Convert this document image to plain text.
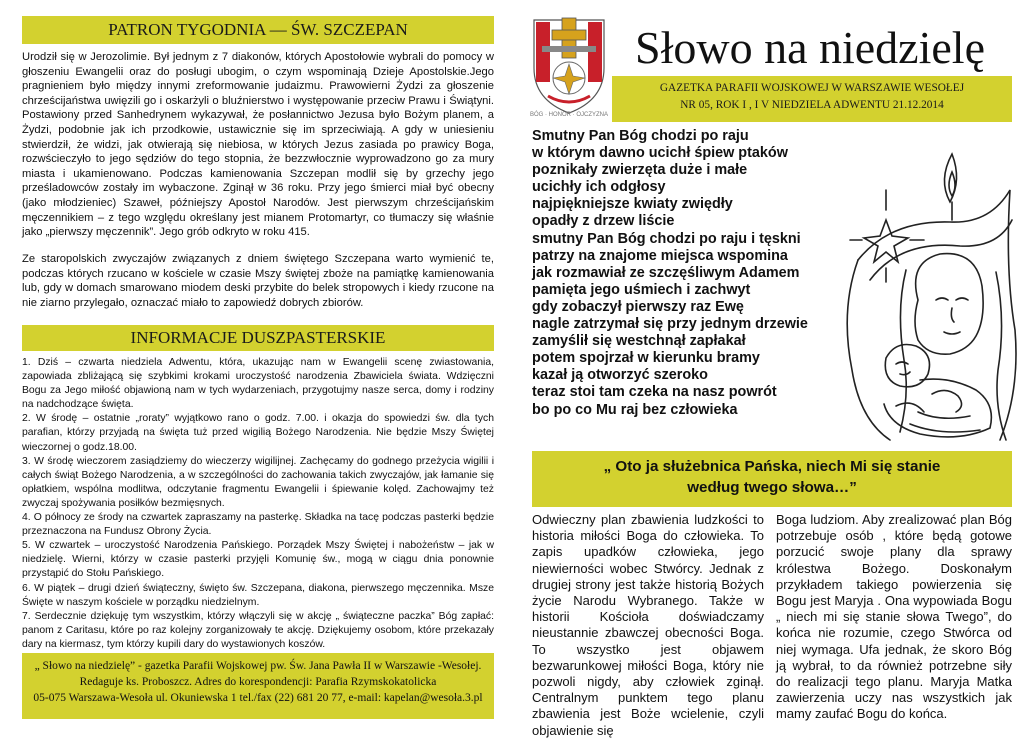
PATRON TYGODNIA — ŚW. SZCZEPAN

Urodził się w Jerozolimie. Był jednym z 7 diakonów, których Apostołowie wybrali do pomocy w głoszeniu Ewangelii oraz do posługi ubogim, o czym wspominają Dzieje Apostolskie.Jego pragnieniem było między innymi zreformowanie judaizmu. Prawowierni Żydzi za głoszenie chrześcijaństwa uwięzili go i oskarżyli o bluźnierstwo i występowanie przeciw Prawu i Świątyni. Postawiony przed Sanhedrynem wykazywał, że posłannictwo Jezusa było Bożym planem, a Żydzi, podobnie jak ich przodkowie, ustawicznie się im sprzeciwiają. A gdy w uniesieniu stwierdził, że widzi, jak otwierają się niebiosa, w których Jezus zasiada po prawicy Boga, rozwścieczyło to jego sędziów do tego stopnia, że bezzwłocznie wyprowadzono go za mury miasta i ukamienowano. Podczas kamienowania Szczepan modlił się by grzechy jego prześladowców zostały im wybaczone. Zginął w 36 roku. Przy jego śmierci miał być obecny (jako młodzieniec) Szaweł, późniejszy Apostoł Narodów. Jest pierwszym chrześcijańskim męczennikiem – z tego względu określany jest mianem Protomartyr, co tłumaczy się właśnie jako „pierwszy męczennik”. Jego grób odkryto w roku 415.

Ze staropolskich zwyczajów związanych z dniem świętego Szczepana warto wymienić te, podczas których rzucano w kościele w czasie Mszy świętej zboże na pamiątkę kamienowania lub, gdy w domach smarowano miodem deski przybite do belek stropowych i kiedy rzucone na nie ziarno przylegało, oznaczać miało to zapowiedź dobrych zbiorów.

INFORMACJE DUSZPASTERSKIE
1. Dziś – czwarta niedziela Adwentu, która, ukazując nam w Ewangelii scenę zwiastowania, zapowiada zbliżającą się szybkimi krokami uroczystość narodzenia Zbawiciela świata. Wdzięczni Bogu za Jego miłość objawioną nam w tych wydarzeniach, przygotujmy nasze serca, domy i rodziny na nadchodzące święta.
2. W środę – ostatnie „roraty” wyjątkowo rano o godz. 7.00. i okazja do spowiedzi św. dla tych parafian, którzy przyjadą na święta tuż przed wigilią Bożego Narodzenia. Nie będzie Mszy Świętej wieczornej o godz.18.00.
3. W środę wieczorem zasiądziemy do wieczerzy wigilijnej. Zachęcamy do godnego przeżycia wigilii i całych świąt Bożego Narodzenia, a w szczególności do zachowania takich zwyczajów, jak łamanie się opłatkiem, wspólna modlitwa, odczytanie fragmentu Ewangelii i śpiewanie kolęd. Zachowajmy też zwyczaj spożywania posiłków bezmięsnych.
4. O północy ze środy na czwartek zapraszamy na pasterkę. Składka na tacę podczas pasterki będzie przeznaczona na Fundusz Obrony Życia.
5. W czwartek – uroczystość Narodzenia Pańskiego. Porządek Mszy Świętej i nabożeństw – jak w niedzielę. Wierni, którzy w czasie pasterki przyjęli Komunię św., mogą w ciągu dnia ponownie przystąpić do Stołu Pańskiego.
6. W piątek – drugi dzień świąteczny, święto św. Szczepana, diakona, pierwszego męczennika. Msze Święte w naszym kościele w porządku niedzielnym.
7. Serdecznie dziękuję tym wszystkim, którzy włączyli się w akcję „ świąteczne paczka” Bóg zapłać: panom z Caritasu, które po raz kolejny zorganizowały te akcję. Dziękujemy osobom, które przekazały dary na kiermasz, tym którzy kupili dary do wystawionych koszów.
„ Słowo na niedzielę” - gazetka Parafii Wojskowej pw. Św. Jana Pawła II w Warszawie -Wesołej.
Redaguje ks. Proboszcz. Adres do korespondencji: Parafia Rzymskokatolicka
05-075 Warszawa-Wesoła ul. Okuniewska 1 tel./fax (22) 681 20 77, e-mail: kapelan@wesoła.3.pl
BÓG · HONOR · OJCZYZNA
Słowo na niedzielę
GAZETKA PARAFII WOJSKOWEJ W WARSZAWIE WESOŁEJ
NR 05, ROK I , I V NIEDZIELA ADWENTU 21.12.2014
Smutny Pan Bóg chodzi po raju
w którym dawno ucichł śpiew ptaków
poznikały zwierzęta duże i małe
ucichły ich odgłosy
najpiękniejsze kwiaty zwiędły
opadły z drzew liście
smutny Pan Bóg chodzi po raju i tęskni
patrzy na znajome miejsca wspomina
jak rozmawiał ze szczęśliwym Adamem
pamięta jego uśmiech i zachwyt
gdy zobaczył pierwszy raz Ewę
nagle zatrzymał się przy jednym drzewie
zamyślił się westchnął zapłakał
potem spojrzał w kierunku bramy
kazał ją otworzyć szeroko
teraz stoi tam czeka na nasz powrót
bo po co Mu raj bez człowieka
„ Oto ja służebnica Pańska, niech Mi się stanie
według twego słowa…”

Odwieczny plan zbawienia ludzkości to historia miłości Boga do człowieka. To zapis upadków człowieka, jego niewierności wobec Stwórcy. Jednak z drugiej strony jest także historią Bożych życie Narodu Wybranego. Także w historii Kościoła doświadczamy nieustannie zbawczej obecności Boga. To wszystko jest objawem bezwarunkowej miłości Boga, który nie pozwoli nigdy, aby człowiek zginął. Centralnym punktem tego planu zbawienia jest Boże wcielenie, czyli objawienie się

Boga ludziom. Aby zrealizować plan Bóg potrzebuje osób , które będą gotowe porzucić swoje plany dla sprawy królestwa Bożego. Doskonałym przykładem takiego powierzenia się Bogu jest Maryja . Ona wypowiada Bogu „ niech mi się stanie słowa Twego”, do końca nie rozumie, czego Stwórca od niej wymaga. Ufa jednak, że skoro Bóg ją wybrał, to da również potrzebne siły do realizacji tego planu. Maryja Matka zawierzenia uczy nas wszystkich jak mamy zaufać Bogu do końca.
